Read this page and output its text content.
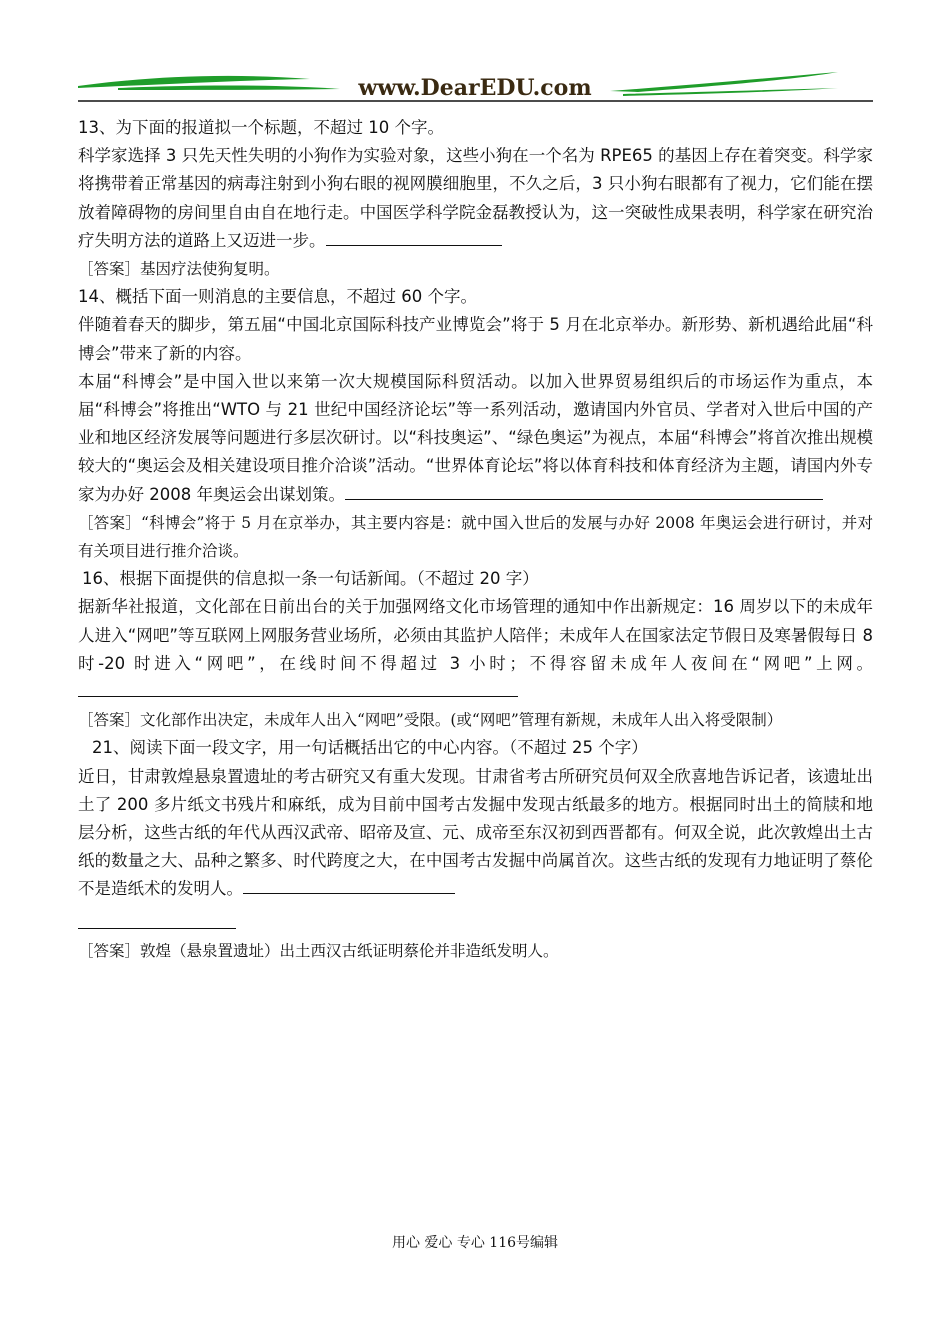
www.DearEDU.com

13、为下面的报道拟一个标题，不超过 10 个字。

科学家选择 3 只先天性失明的小狗作为实验对象，这些小狗在一个名为 RPE65 的基因上存在着突变。科学家将携带着正常基因的病毒注射到小狗右眼的视网膜细胞里，不久之后，3 只小狗右眼都有了视力，它们能在摆放着障碍物的房间里自由自在地行走。中国医学科学院金磊教授认为，这一突破性成果表明，科学家在研究治疗失明方法的道路上又迈进一步。

［答案］基因疗法使狗复明。

14、概括下面一则消息的主要信息，不超过 60 个字。

伴随着春天的脚步，第五届“中国北京国际科技产业博览会”将于 5 月在北京举办。新形势、新机遇给此届“科博会”带来了新的内容。

本届“科博会”是中国入世以来第一次大规模国际科贸活动。以加入世界贸易组织后的市场运作为重点，本届“科博会”将推出“WTO 与 21 世纪中国经济论坛”等一系列活动，邀请国内外官员、学者对入世后中国的产业和地区经济发展等问题进行多层次研讨。以“科技奥运”、“绿色奥运”为视点，本届“科博会”将首次推出规模较大的“奥运会及相关建设项目推介洽谈”活动。“世界体育论坛”将以体育科技和体育经济为主题，请国内外专家为办好 2008 年奥运会出谋划策。

［答案］“科博会”将于 5 月在京举办，其主要内容是：就中国入世后的发展与办好 2008 年奥运会进行研讨，并对有关项目进行推介洽谈。

16、根据下面提供的信息拟一条一句话新闻。（不超过 20 字）

据新华社报道，文化部在日前出台的关于加强网络文化市场管理的通知中作出新规定：16 周岁以下的未成年人进入“网吧”等互联网上网服务营业场所，必须由其监护人陪伴；未成年人在国家法定节假日及寒暑假每日 8 时-20 时进入“网吧”，在线时间不得超过 3 小时；不得容留未成年人夜间在“网吧”上网。

［答案］文化部作出决定，未成年人出入“网吧”受限。(或“网吧”管理有新规，未成年人出入将受限制）

21、阅读下面一段文字，用一句话概括出它的中心内容。（不超过 25 个字）

近日，甘肃敦煌悬泉置遗址的考古研究又有重大发现。甘肃省考古所研究员何双全欣喜地告诉记者，该遗址出土了 200 多片纸文书残片和麻纸，成为目前中国考古发掘中发现古纸最多的地方。根据同时出土的简牍和地层分析，这些古纸的年代从西汉武帝、昭帝及宣、元、成帝至东汉初到西晋都有。何双全说，此次敦煌出土古纸的数量之大、品种之繁多、时代跨度之大，在中国考古发掘中尚属首次。这些古纸的发现有力地证明了蔡伦不是造纸术的发明人。

［答案］敦煌（悬泉置遗址）出土西汉古纸证明蔡伦并非造纸发明人。

用心 爱心 专心 116号编辑
